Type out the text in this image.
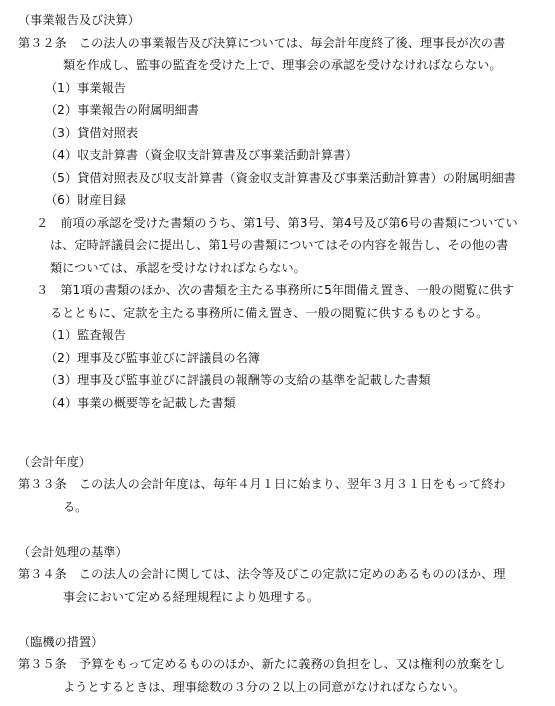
（事業報告及び決算）
第３２条　この法人の事業報告及び決算については、毎会計年度終了後、理事長が次の書
類を作成し、監事の監査を受けた上で、理事会の承認を受けなければならない。
（1）事業報告
（2）事業報告の附属明細書
（3）貸借対照表
（4）収支計算書（資金収支計算書及び事業活動計算書）
（5）貸借対照表及び収支計算書（資金収支計算書及び事業活動計算書）の附属明細書
（6）財産目録
２　前項の承認を受けた書類のうち、第1号、第3号、第4号及び第6号の書類についてい
は、定時評議員会に提出し、第1号の書類についてはその内容を報告し、その他の書
類については、承認を受けなければならない。
３　第1項の書類のほか、次の書類を主たる事務所に5年間備え置き、一般の閲覧に供す
るとともに、定款を主たる事務所に備え置き、一般の閲覧に供するものとする。
（1）監査報告
（2）理事及び監事並びに評議員の名簿
（3）理事及び監事並びに評議員の報酬等の支給の基準を記載した書類
（4）事業の概要等を記載した書類
（会計年度）
第３３条　この法人の会計年度は、毎年４月１日に始まり、翌年３月３１日をもって終わ
る。
（会計処理の基準）
第３４条　この法人の会計に関しては、法令等及びこの定款に定めのあるもののほか、理
事会において定める経理規程により処理する。
（臨機の措置）
第３５条　予算をもって定めるもののほか、新たに義務の負担をし、又は権利の放棄をし
ようとするときは、理事総数の３分の２以上の同意がなければならない。
